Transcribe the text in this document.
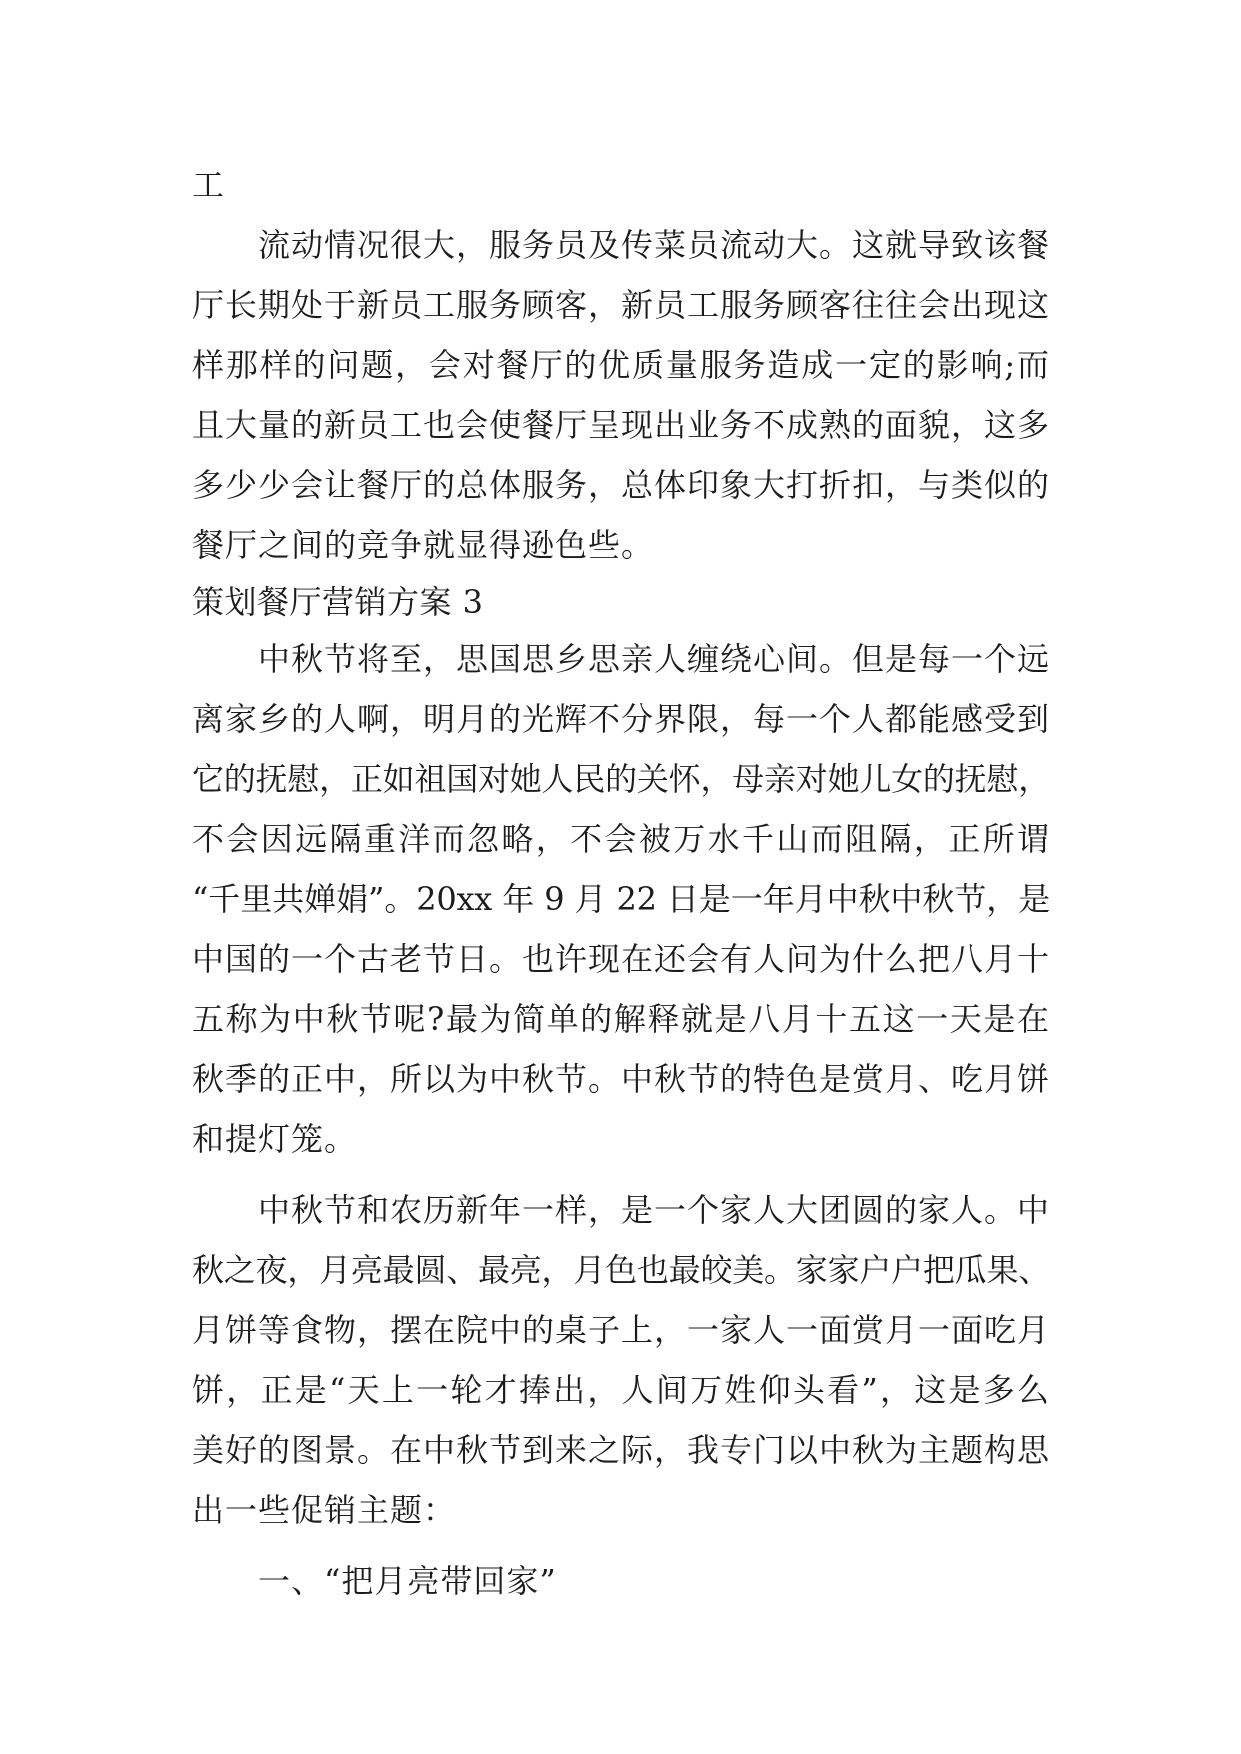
工
流动情况很大，服务员及传菜员流动大。这就导致该餐
厅长期处于新员工服务顾客，新员工服务顾客往往会出现这
样那样的问题，会对餐厅的优质量服务造成一定的影响;而
且大量的新员工也会使餐厅呈现出业务不成熟的面貌，这多
多少少会让餐厅的总体服务，总体印象大打折扣，与类似的
餐厅之间的竞争就显得逊色些。
策划餐厅营销方案 3
中秋节将至，思国思乡思亲人缠绕心间。但是每一个远
离家乡的人啊，明月的光辉不分界限，每一个人都能感受到
它的抚慰，正如祖国对她人民的关怀，母亲对她儿女的抚慰，
不会因远隔重洋而忽略，不会被万水千山而阻隔，正所谓
“千里共婵娟”。20xx 年 9 月 22 日是一年月中秋中秋节，是
中国的一个古老节日。也许现在还会有人问为什么把八月十
五称为中秋节呢?最为简单的解释就是八月十五这一天是在
秋季的正中，所以为中秋节。中秋节的特色是赏月、吃月饼
和提灯笼。
中秋节和农历新年一样，是一个家人大团圆的家人。中
秋之夜，月亮最圆、最亮，月色也最皎美。家家户户把瓜果、
月饼等食物，摆在院中的桌子上，一家人一面赏月一面吃月
饼，正是“天上一轮才捧出，人间万姓仰头看”，这是多么
美好的图景。在中秋节到来之际，我专门以中秋为主题构思
出一些促销主题：
一、“把月亮带回家”
